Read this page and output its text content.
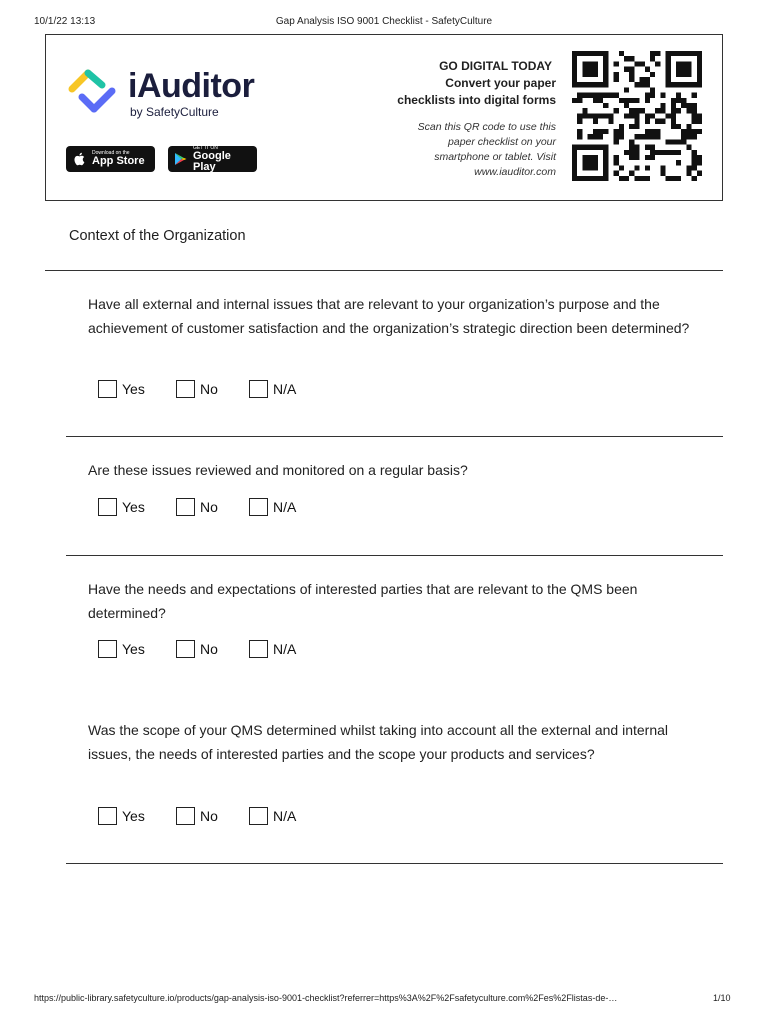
10/1/22 13:13	Gap Analysis ISO 9001 Checklist - SafetyCulture
iAuditor
by SafetyCulture
Download on the
App Store
GET IT ON
Google Play
GO DIGITAL TODAY
Convert your paper
checklists into digital forms
Scan this QR code to use this
paper checklist on your
smartphone or tablet. Visit
www.iauditor.com
Context of the Organization
Have all external and internal issues that are relevant to your organization’s purpose and the achievement of customer satisfaction and the organization’s strategic direction been determined?
Yes	No	N/A
Are these issues reviewed and monitored on a regular basis?
Yes	No	N/A
Have the needs and expectations of interested parties that are relevant to the QMS been determined?
Yes	No	N/A
Was the scope of your QMS determined whilst taking into account all the external and internal issues, the needs of interested parties and the scope your products and services?
Yes	No	N/A
https://public-library.safetyculture.io/products/gap-analysis-iso-9001-checklist?referrer=https%3A%2F%2Fsafetyculture.com%2Fes%2Flistas-de-…	1/10
